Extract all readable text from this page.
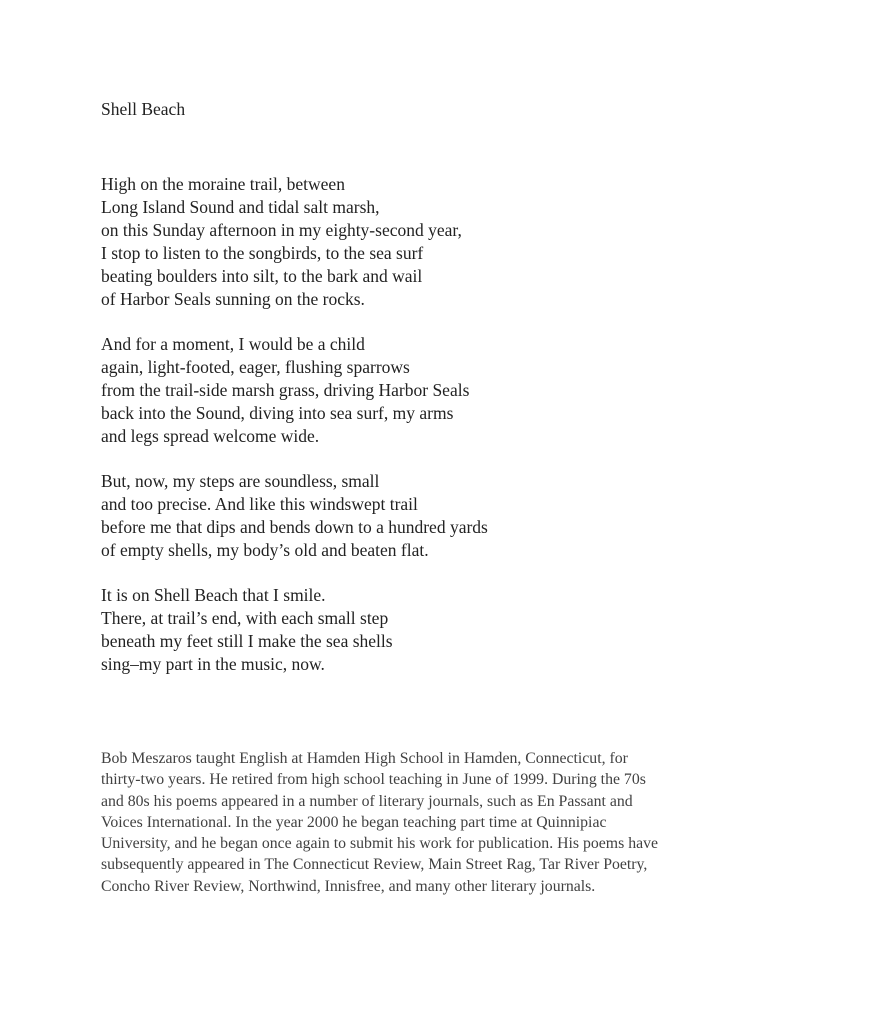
Shell Beach
High on the moraine trail, between
Long Island Sound and tidal salt marsh,
on this Sunday afternoon in my eighty-second year,
I stop to listen to the songbirds, to the sea surf
beating boulders into silt, to the bark and wail
of Harbor Seals sunning on the rocks.
And for a moment, I would be a child
again, light-footed, eager, flushing sparrows
from the trail-side marsh grass, driving Harbor Seals
back into the Sound, diving into sea surf, my arms
and legs spread welcome wide.
But, now, my steps are soundless, small
and too precise. And like this windswept trail
before me that dips and bends down to a hundred yards
of empty shells, my body’s old and beaten flat.
It is on Shell Beach that I smile.
There, at trail’s end, with each small step
beneath my feet still I make the sea shells
sing–my part in the music, now.
Bob Meszaros taught English at Hamden High School in Hamden, Connecticut, for
thirty-two years. He retired from high school teaching in June of 1999. During the 70s
and 80s his poems appeared in a number of literary journals, such as En Passant and
Voices International. In the year 2000 he began teaching part time at Quinnipiac
University, and he began once again to submit his work for publication. His poems have
subsequently appeared in The Connecticut Review, Main Street Rag, Tar River Poetry,
Concho River Review, Northwind, Innisfree, and many other literary journals.
